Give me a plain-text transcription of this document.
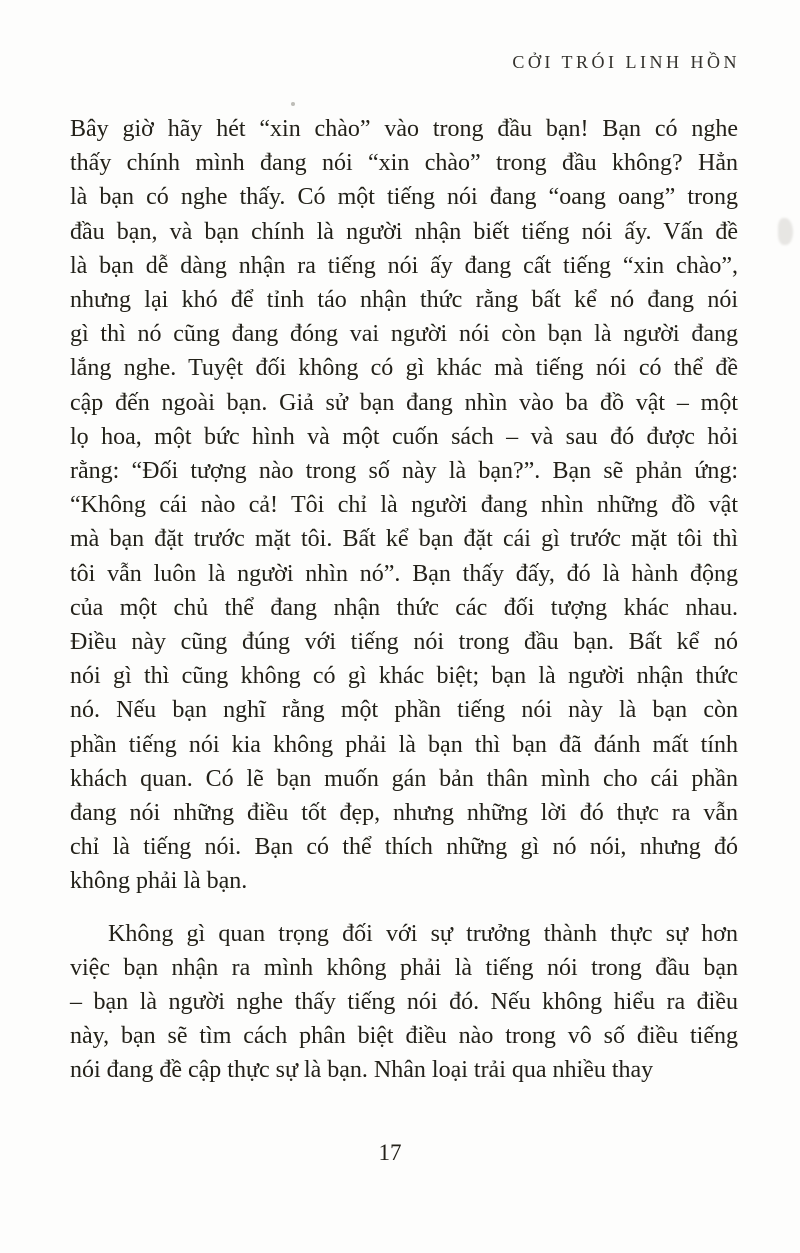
CỞI TRÓI LINH HỒN
Bây giờ hãy hét “xin chào” vào trong đầu bạn! Bạn có nghe
thấy chính mình đang nói “xin chào” trong đầu không? Hẳn
là bạn có nghe thấy. Có một tiếng nói đang “oang oang” trong
đầu bạn, và bạn chính là người nhận biết tiếng nói ấy. Vấn đề
là bạn dễ dàng nhận ra tiếng nói ấy đang cất tiếng “xin chào”,
nhưng lại khó để tỉnh táo nhận thức rằng bất kể nó đang nói
gì thì nó cũng đang đóng vai người nói còn bạn là người đang
lắng nghe. Tuyệt đối không có gì khác mà tiếng nói có thể đề
cập đến ngoài bạn. Giả sử bạn đang nhìn vào ba đồ vật – một
lọ hoa, một bức hình và một cuốn sách – và sau đó được hỏi
rằng: “Đối tượng nào trong số này là bạn?”. Bạn sẽ phản ứng:
“Không cái nào cả! Tôi chỉ là người đang nhìn những đồ vật
mà bạn đặt trước mặt tôi. Bất kể bạn đặt cái gì trước mặt tôi thì
tôi vẫn luôn là người nhìn nó”. Bạn thấy đấy, đó là hành động
của một chủ thể đang nhận thức các đối tượng khác nhau.
Điều này cũng đúng với tiếng nói trong đầu bạn. Bất kể nó
nói gì thì cũng không có gì khác biệt; bạn là người nhận thức
nó. Nếu bạn nghĩ rằng một phần tiếng nói này là bạn còn
phần tiếng nói kia không phải là bạn thì bạn đã đánh mất tính
khách quan. Có lẽ bạn muốn gán bản thân mình cho cái phần
đang nói những điều tốt đẹp, nhưng những lời đó thực ra vẫn
chỉ là tiếng nói. Bạn có thể thích những gì nó nói, nhưng đó
không phải là bạn.
Không gì quan trọng đối với sự trưởng thành thực sự hơn
việc bạn nhận ra mình không phải là tiếng nói trong đầu bạn
– bạn là người nghe thấy tiếng nói đó. Nếu không hiểu ra điều
này, bạn sẽ tìm cách phân biệt điều nào trong vô số điều tiếng
nói đang đề cập thực sự là bạn. Nhân loại trải qua nhiều thay
17
